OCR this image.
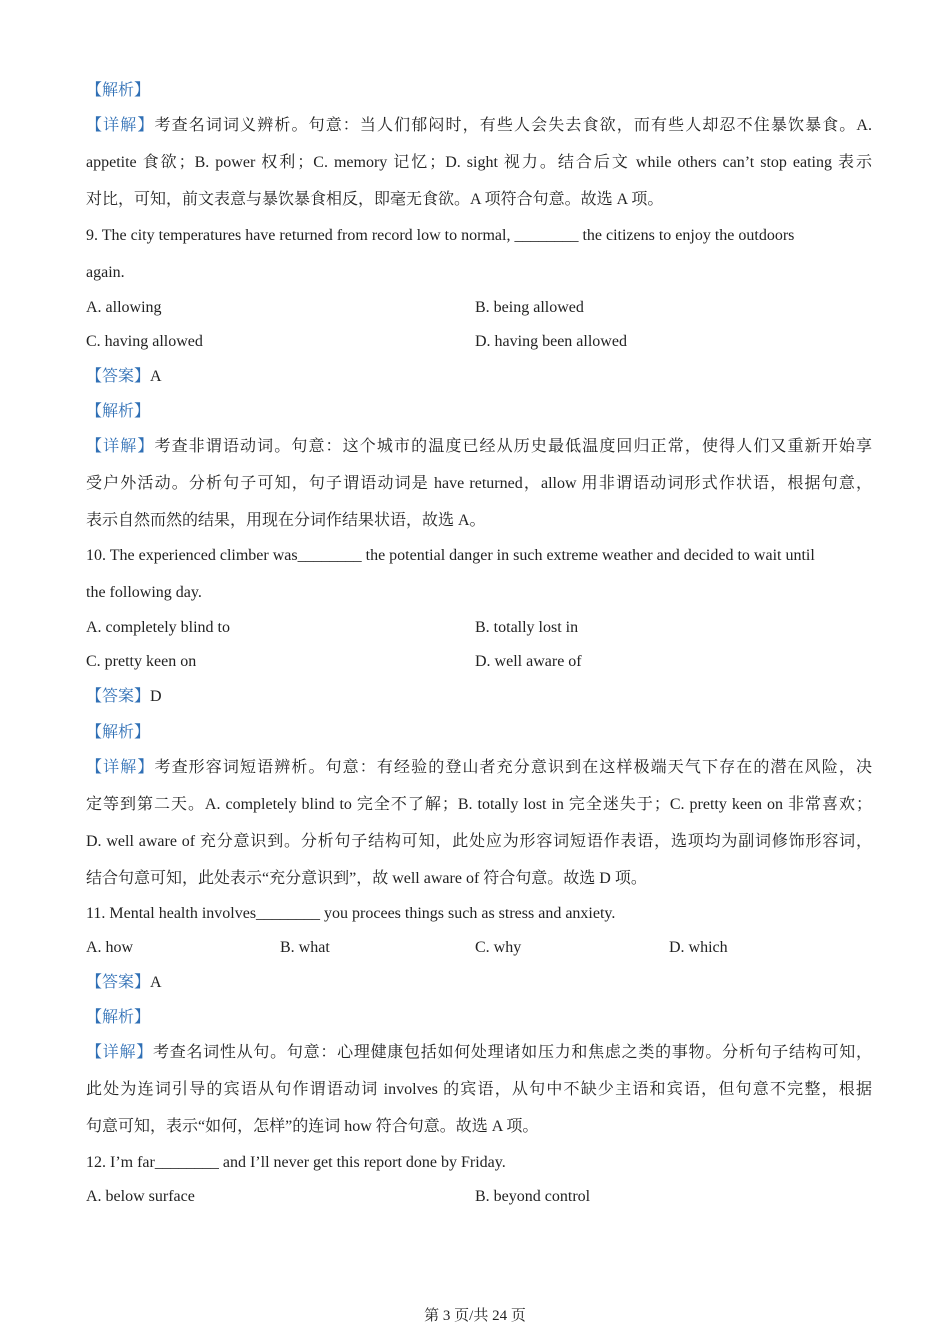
【解析】
【详解】考查名词词义辨析。句意：当人们郁闷时，有些人会失去食欲，而有些人却忍不住暴饮暴食。A.
appetite 食欲；B. power 权利；C. memory 记忆；D. sight 视力。结合后文 while others can’t stop eating 表示
对比，可知，前文表意与暴饮暴食相反，即毫无食欲。A 项符合句意。故选 A 项。
9. The city temperatures have returned from record low to normal, ________ the citizens to enjoy the outdoors
again.
A. allowing	B. being allowed
C. having allowed	D. having been allowed
【答案】A
【解析】
【详解】考查非谓语动词。句意：这个城市的温度已经从历史最低温度回归正常，使得人们又重新开始享
受户外活动。分析句子可知，句子谓语动词是 have returned，allow 用非谓语动词形式作状语，根据句意，
表示自然而然的结果，用现在分词作结果状语，故选 A。
10. The experienced climber was________ the potential danger in such extreme weather and decided to wait until
the following day.
A. completely blind to	B. totally lost in
C. pretty keen on	D. well aware of
【答案】D
【解析】
【详解】考查形容词短语辨析。句意：有经验的登山者充分意识到在这样极端天气下存在的潜在风险，决
定等到第二天。A. completely blind to 完全不了解；B. totally lost in 完全迷失于；C. pretty keen on 非常喜欢；
D. well aware of 充分意识到。分析句子结构可知，此处应为形容词短语作表语，选项均为副词修饰形容词，
结合句意可知，此处表示“充分意识到”，故 well aware of 符合句意。故选 D 项。
11. Mental health involves________ you procees things such as stress and anxiety.
A. how	B. what	C. why	D. which
【答案】A
【解析】
【详解】考查名词性从句。句意：心理健康包括如何处理诸如压力和焦虑之类的事物。分析句子结构可知，
此处为连词引导的宾语从句作谓语动词 involves 的宾语，从句中不缺少主语和宾语，但句意不完整，根据
句意可知，表示“如何，怎样”的连词 how 符合句意。故选 A 项。
12. I’m far________ and I’ll never get this report done by Friday.
A. below surface	B. beyond control
第 3 页/共 24 页
